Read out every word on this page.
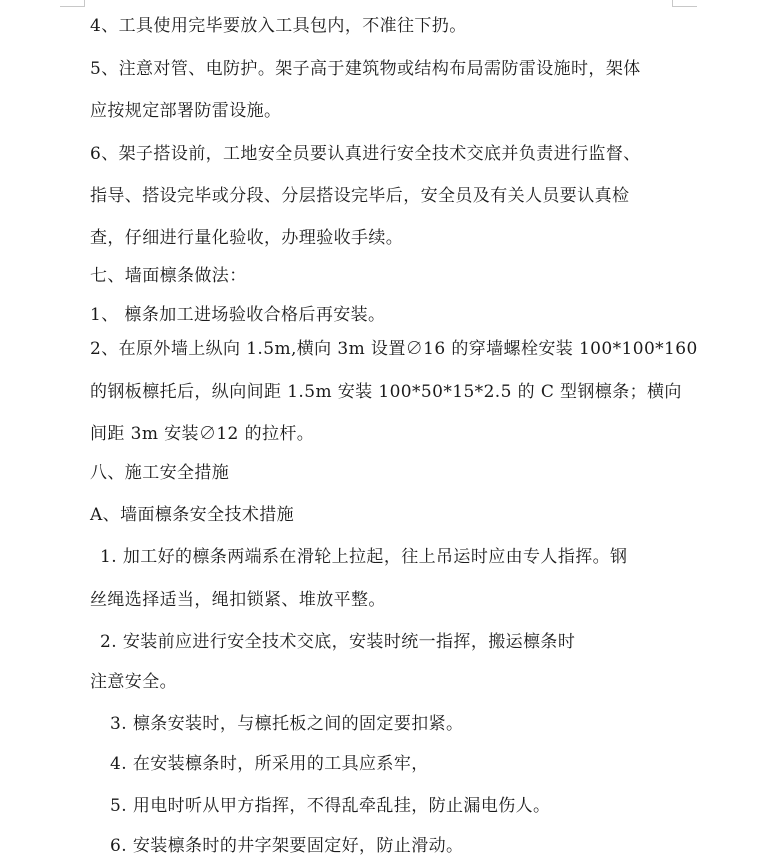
4、工具使用完毕要放入工具包内，不准往下扔。
5、注意对管、电防护。架子高于建筑物或结构布局需防雷设施时，架体
应按规定部署防雷设施。
6、架子搭设前，工地安全员要认真进行安全技术交底并负责进行监督、
指导、搭设完毕或分段、分层搭设完毕后，安全员及有关人员要认真检
查，仔细进行量化验收，办理验收手续。
七、墙面檩条做法：
1、 檩条加工进场验收合格后再安装。
2、在原外墙上纵向 1.5m,横向 3m 设置∅16 的穿墙螺栓安装 100*100*160
的钢板檩托后，纵向间距 1.5m 安装 100*50*15*2.5 的 C 型钢檩条；横向
间距 3m 安装∅12 的拉杆。
八、施工安全措施
A、墙面檩条安全技术措施
1. 加工好的檩条两端系在滑轮上拉起，往上吊运时应由专人指挥。钢
丝绳选择适当，绳扣锁紧、堆放平整。
2. 安装前应进行安全技术交底，安装时统一指挥，搬运檩条时
注意安全。
3. 檩条安装时，与檩托板之间的固定要扣紧。
4. 在安装檩条时，所采用的工具应系牢，
5. 用电时听从甲方指挥，不得乱牵乱挂，防止漏电伤人。
6. 安装檩条时的井字架要固定好，防止滑动。
